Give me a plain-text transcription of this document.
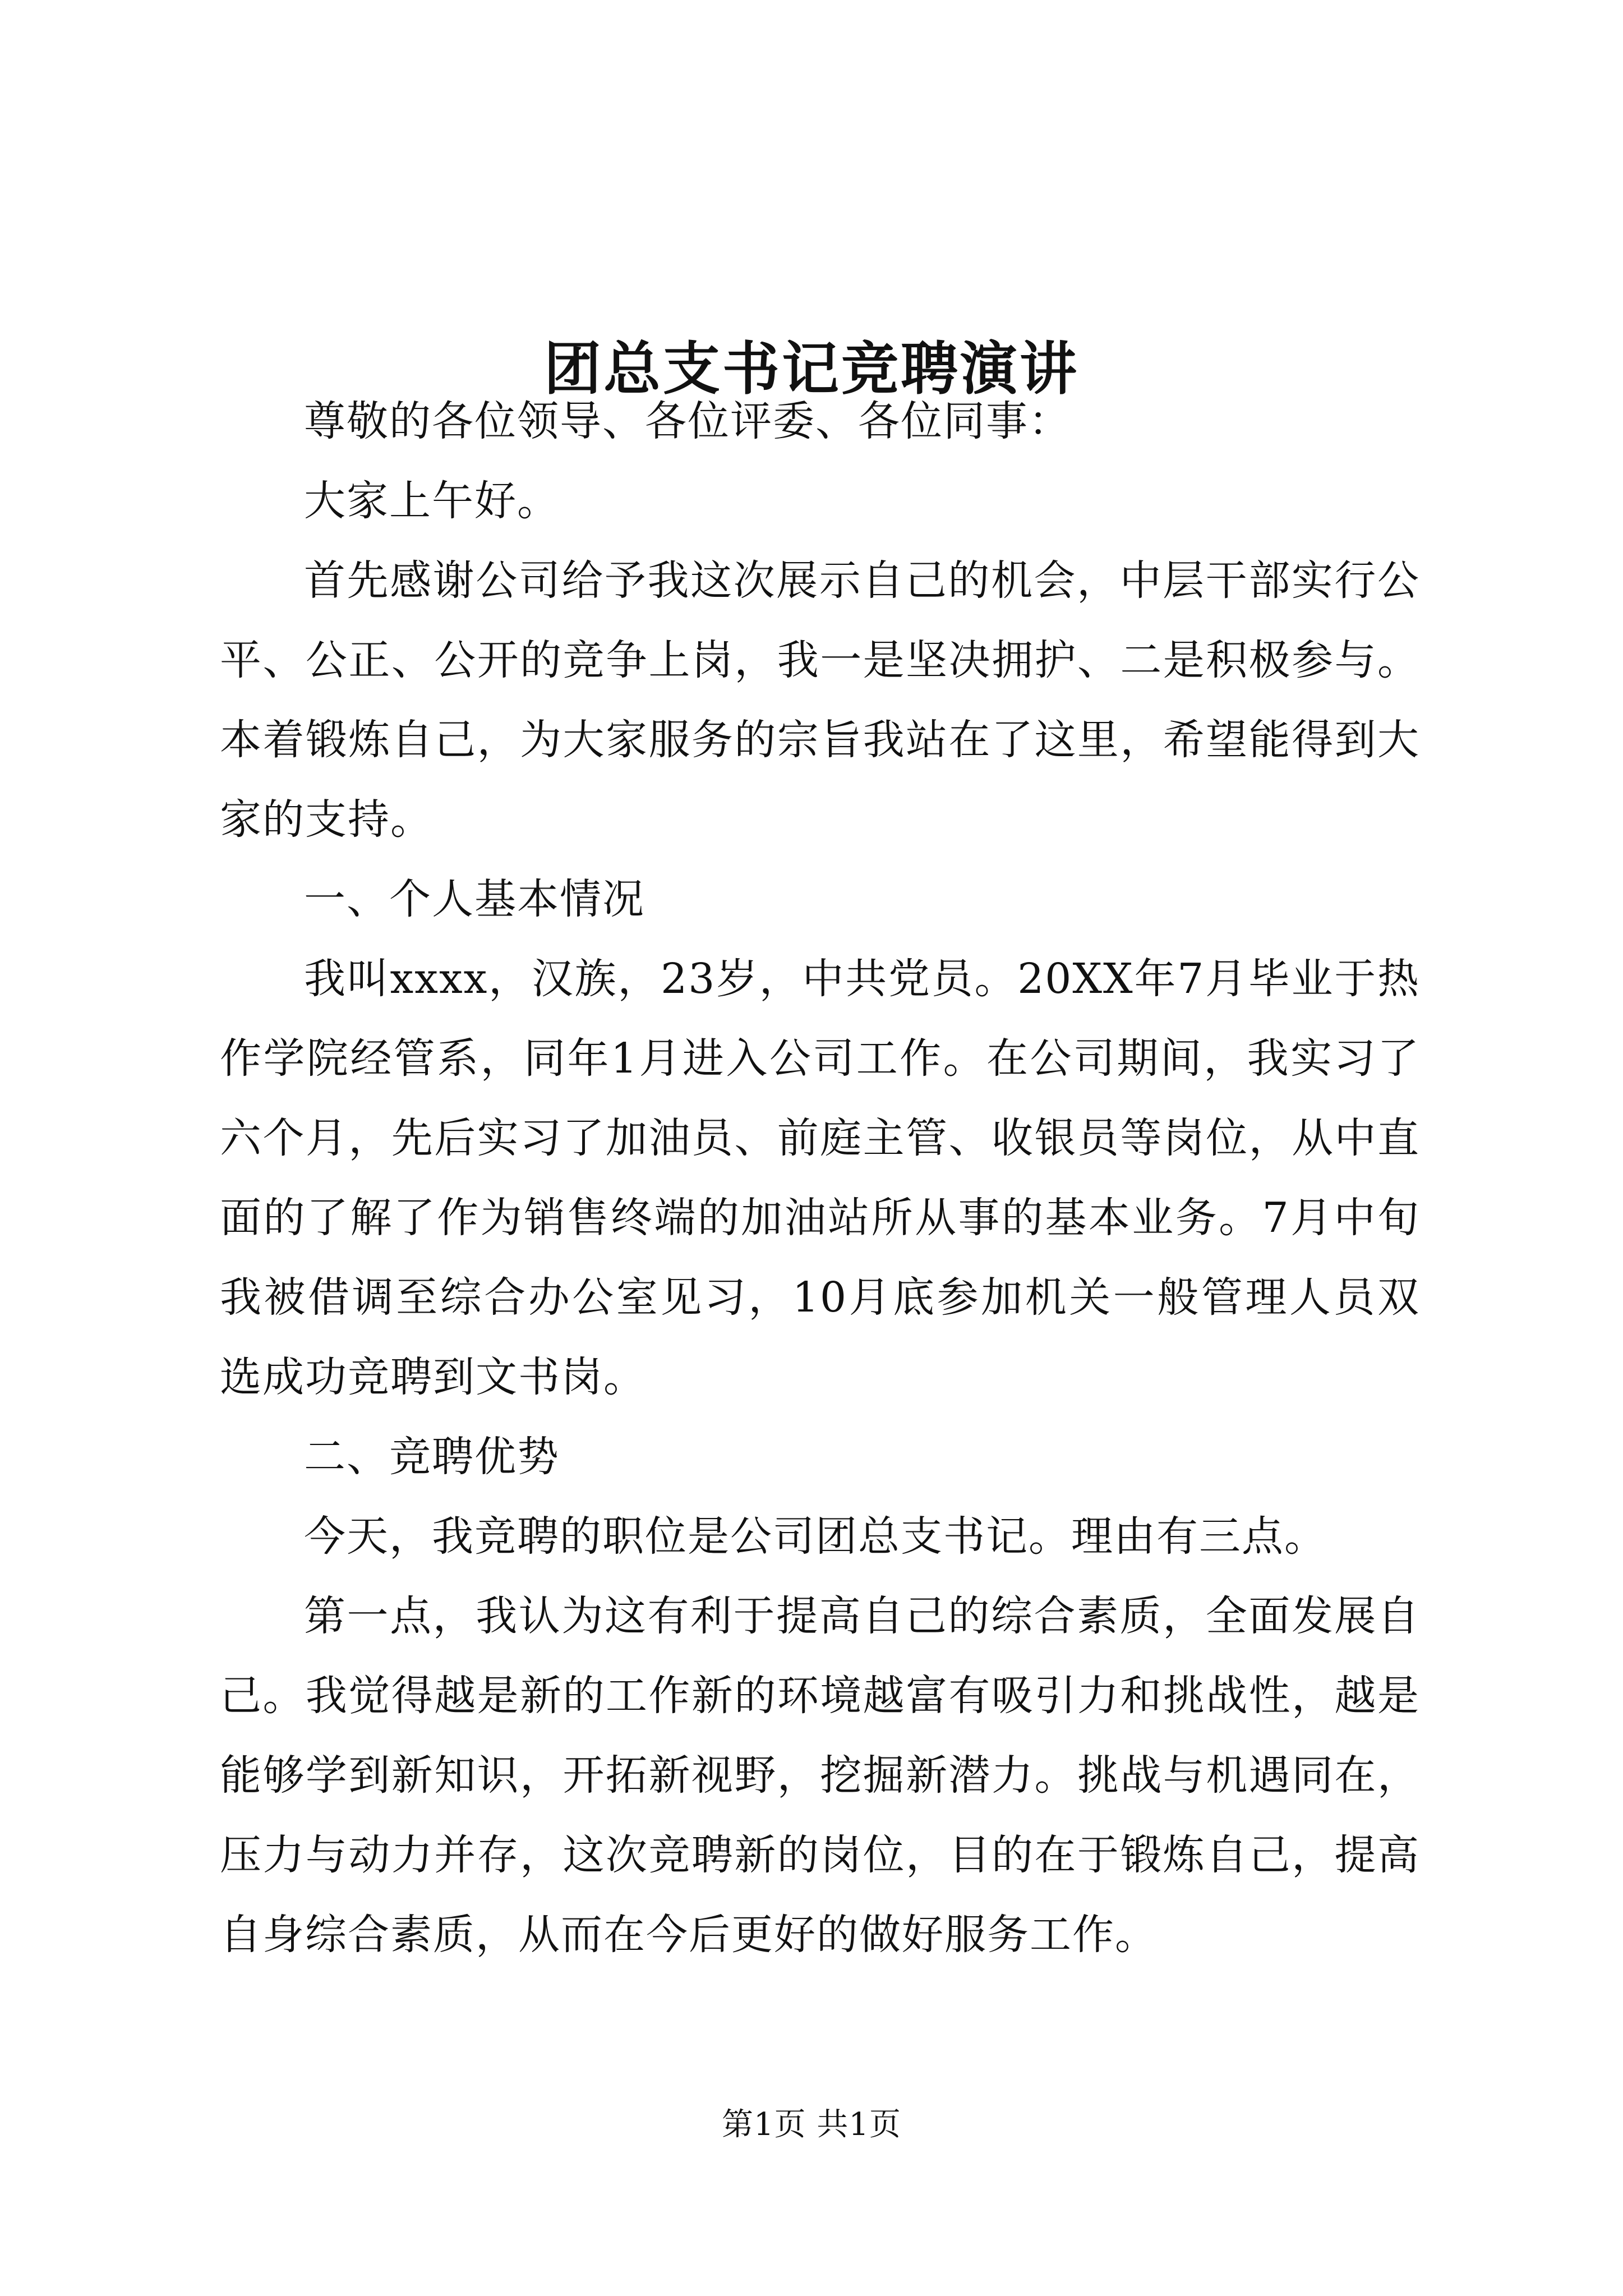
团总支书记竞聘演讲

尊敬的各位领导、各位评委、各位同事：

大家上午好。

首先感谢公司给予我这次展示自己的机会，中层干部实行公平、公正、公开的竞争上岗，我一是坚决拥护、二是积极参与。本着锻炼自己，为大家服务的宗旨我站在了这里，希望能得到大家的支持。

一、个人基本情况

我叫xxxx，汉族，23岁，中共党员。20XX年7月毕业于热作学院经管系，同年1月进入公司工作。在公司期间，我实习了六个月，先后实习了加油员、前庭主管、收银员等岗位，从中直面的了解了作为销售终端的加油站所从事的基本业务。7月中旬我被借调至综合办公室见习，10月底参加机关一般管理人员双选成功竞聘到文书岗。

二、竞聘优势

今天，我竞聘的职位是公司团总支书记。理由有三点。

第一点，我认为这有利于提高自己的综合素质，全面发展自己。我觉得越是新的工作新的环境越富有吸引力和挑战性，越是能够学到新知识，开拓新视野，挖掘新潜力。挑战与机遇同在，压力与动力并存，这次竞聘新的岗位，目的在于锻炼自己，提高自身综合素质，从而在今后更好的做好服务工作。

第1页 共1页
